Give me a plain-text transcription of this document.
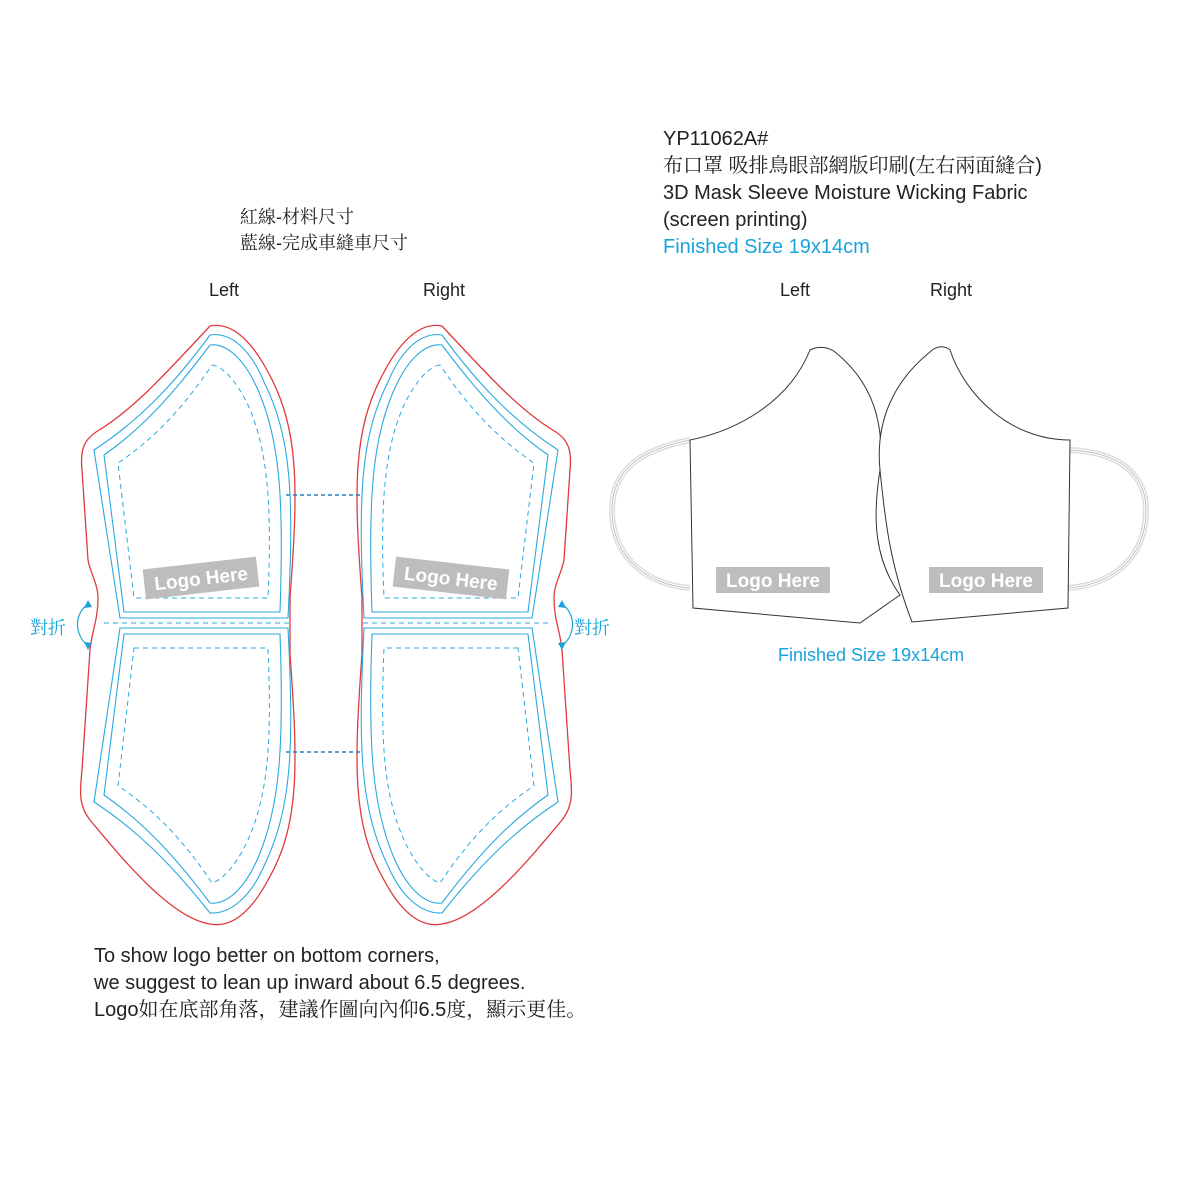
Logo Here	Logo Here	Logo Here	Logo Here
紅線-材料尺寸
藍線-完成車縫車尺寸
YP11062A#
布口罩 吸排鳥眼部網版印刷(左右兩面縫合)
3D Mask Sleeve Moisture Wicking Fabric
(screen printing)
Finished Size 19x14cm
Left	Right	Left	Right
對折	對折
Finished Size 19x14cm
To show logo better on bottom corners,
we suggest to lean up inward about 6.5 degrees.
Logo如在底部角落，建議作圖向內仰6.5度，顯示更佳。
